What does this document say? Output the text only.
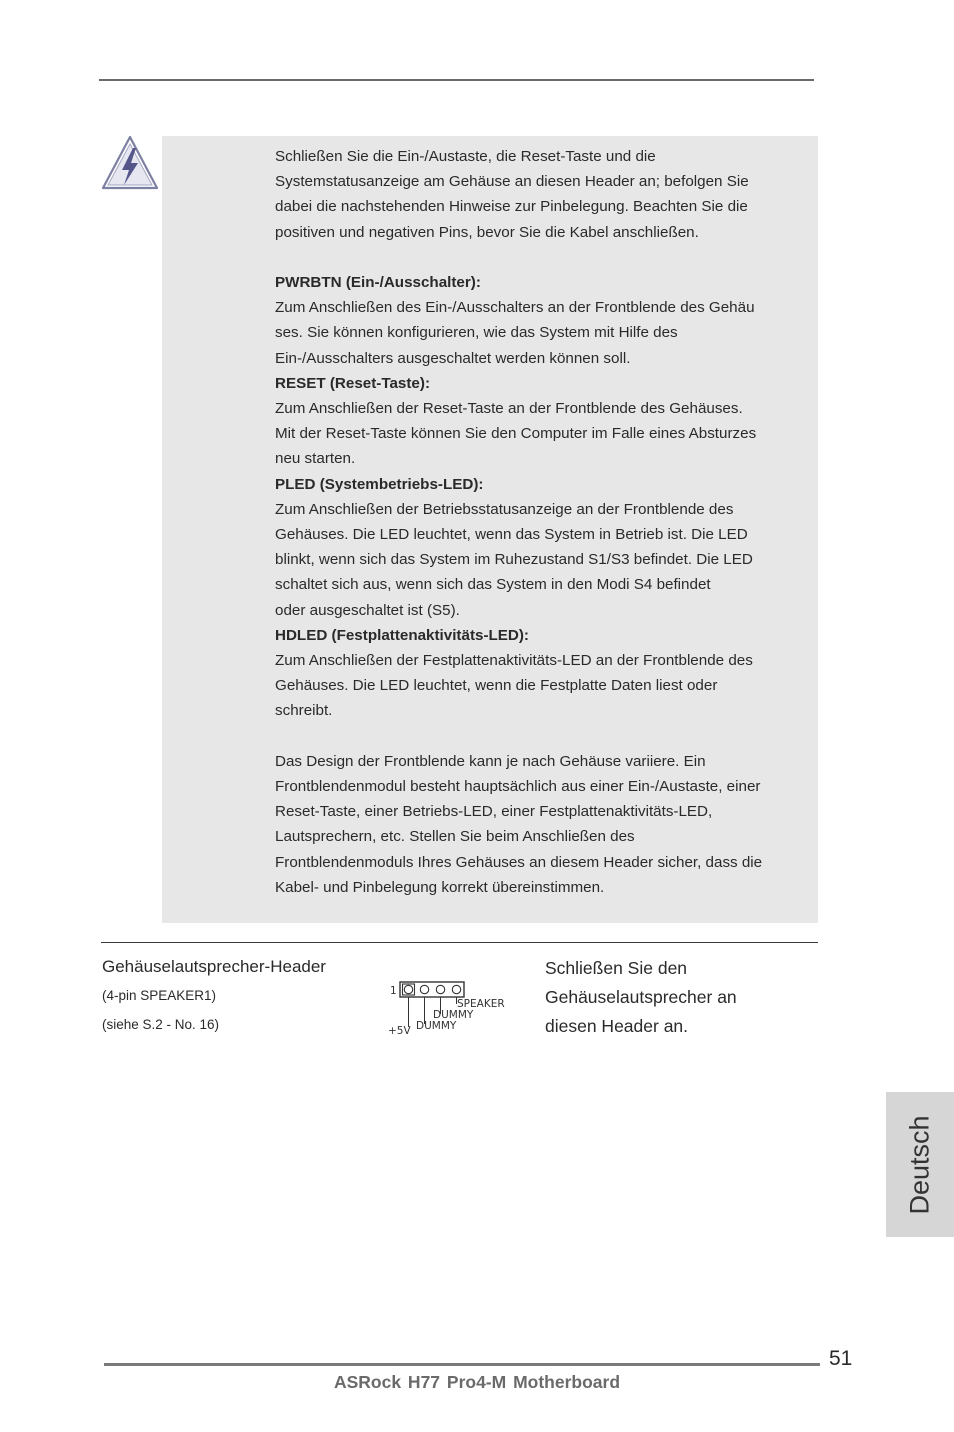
Schließen Sie die Ein-/Austaste, die Reset-Taste und die

Systemstatusanzeige am Gehäuse an diesen Header an; befolgen Sie

dabei die nachstehenden Hinweise zur Pinbelegung. Beachten Sie die

positiven und negativen Pins, bevor Sie die Kabel anschließen.

PWRBTN (Ein-/Ausschalter):

Zum Anschließen des Ein-/Ausschalters an der Frontblende des Gehäu

ses. Sie können konfigurieren, wie das System mit Hilfe des

Ein-/Ausschalters ausgeschaltet werden können soll.

RESET (Reset-Taste):

Zum Anschließen der Reset-Taste an der Frontblende des Gehäuses.

Mit der Reset-Taste können Sie den Computer im Falle eines Absturzes

neu starten.

PLED (Systembetriebs-LED):

Zum Anschließen der Betriebsstatusanzeige an der Frontblende des

Gehäuses. Die LED leuchtet, wenn das System in Betrieb ist. Die LED

blinkt, wenn sich das System im Ruhezustand S1/S3 befindet. Die LED

schaltet sich aus, wenn sich das System in den Modi S4 befindet

oder ausgeschaltet ist (S5).

HDLED (Festplattenaktivitäts-LED):

Zum Anschließen der Festplattenaktivitäts-LED an der Frontblende des

Gehäuses. Die LED leuchtet, wenn die Festplatte Daten liest oder

schreibt.

Das Design der Frontblende kann je nach Gehäuse variiere. Ein

Frontblendenmodul besteht hauptsächlich aus einer Ein-/Austaste, einer

Reset-Taste, einer Betriebs-LED, einer Festplattenaktivitäts-LED,

Lautsprechern, etc. Stellen Sie beim Anschließen des

Frontblendenmoduls Ihres Gehäuses an diesem Header sicher, dass die

Kabel- und Pinbelegung korrekt übereinstimmen.

Gehäuselautsprecher-Header
(4-pin SPEAKER1)
(siehe S.2 - No. 16)
1
SPEAKER
DUMMY
DUMMY
+5V

Schließen Sie den

Gehäuselautsprecher an

diesen Header an.

Deutsch
51
ASRock H77 Pro4-M Motherboard
